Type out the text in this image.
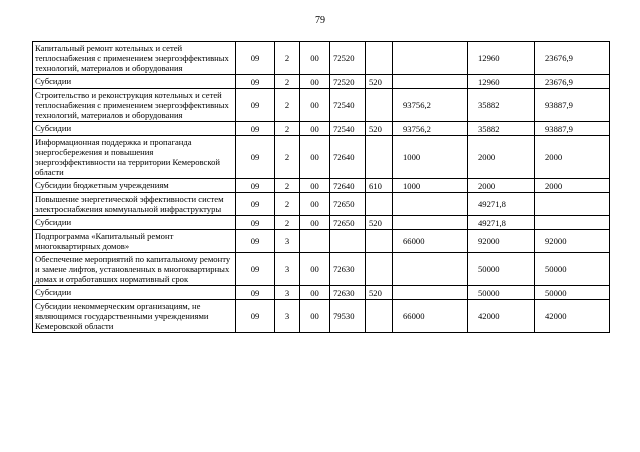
79
Капитальный ремонт котельных и сетей теплоснабжения с применением энергоэффективных технологий, материалов и оборудования	09	2	00	72520			12960	23676,9
Субсидии	09	2	00	72520	520		12960	23676,9
Строительство и реконструкция котельных и сетей теплоснабжения с применением энергоэффективных технологий, материалов и оборудования	09	2	00	72540		93756,2	35882	93887,9
Субсидии	09	2	00	72540	520	93756,2	35882	93887,9
Информационная поддержка и пропаганда энергосбережения и повышения энергоэффективности на территории Кемеровской области	09	2	00	72640		1000	2000	2000
Субсидии бюджетным учреждениям	09	2	00	72640	610	1000	2000	2000
Повышение энергетической эффективности систем электроснабжения коммунальной инфраструктуры	09	2	00	72650			49271,8	
Субсидии	09	2	00	72650	520		49271,8	
Подпрограмма «Капитальный ремонт многоквартирных домов»	09	3				66000	92000	92000
Обеспечение мероприятий по капитальному ремонту и замене лифтов, установленных в многоквартирных домах и отработавших нормативный срок	09	3	00	72630			50000	50000
Субсидии	09	3	00	72630	520		50000	50000
Субсидии некоммерческим организациям, не являющимся государственными учреждениями Кемеровской области	09	3	00	79530		66000	42000	42000
